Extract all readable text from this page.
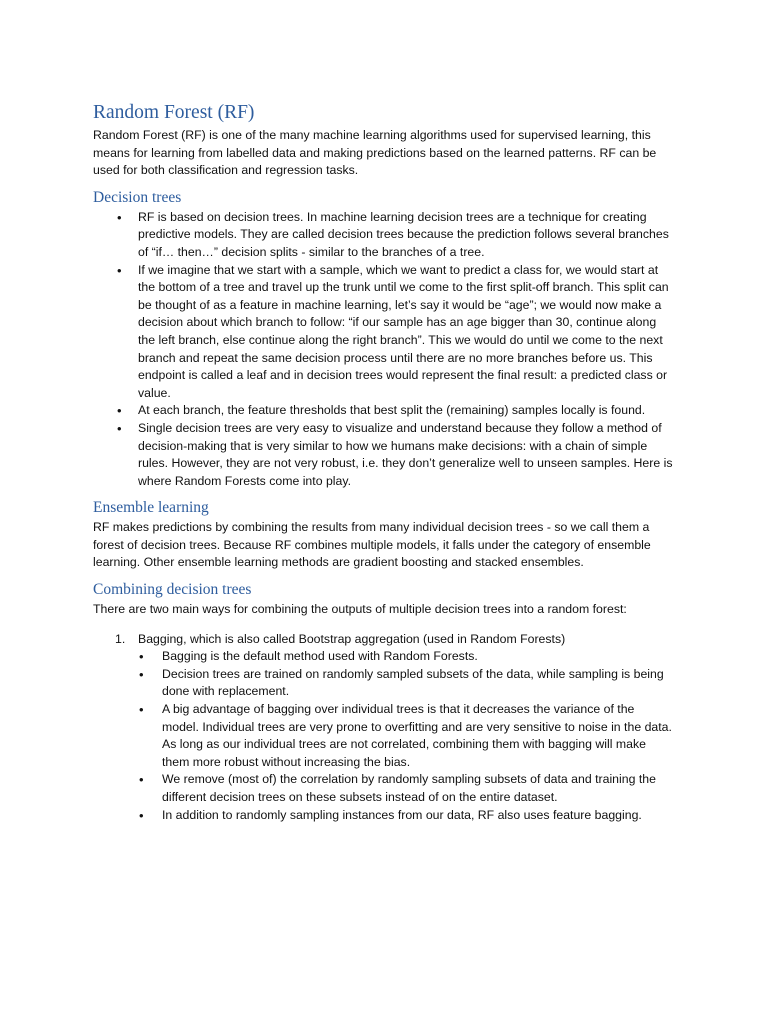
Random Forest (RF)

Random Forest (RF) is one of the many machine learning algorithms used for supervised learning, this means for learning from labelled data and making predictions based on the learned patterns. RF can be used for both classification and regression tasks.

Decision trees
• RF is based on decision trees. In machine learning decision trees are a technique for creating predictive models. They are called decision trees because the prediction follows several branches of “if… then…” decision splits - similar to the branches of a tree.
• If we imagine that we start with a sample, which we want to predict a class for, we would start at the bottom of a tree and travel up the trunk until we come to the first split-off branch. This split can be thought of as a feature in machine learning, let’s say it would be “age”; we would now make a decision about which branch to follow: “if our sample has an age bigger than 30, continue along the left branch, else continue along the right branch”. This we would do until we come to the next branch and repeat the same decision process until there are no more branches before us. This endpoint is called a leaf and in decision trees would represent the final result: a predicted class or value.
• At each branch, the feature thresholds that best split the (remaining) samples locally is found.
• Single decision trees are very easy to visualize and understand because they follow a method of decision-making that is very similar to how we humans make decisions: with a chain of simple rules. However, they are not very robust, i.e. they don’t generalize well to unseen samples. Here is where Random Forests come into play.
Ensemble learning

RF makes predictions by combining the results from many individual decision trees - so we call them a forest of decision trees. Because RF combines multiple models, it falls under the category of ensemble learning. Other ensemble learning methods are gradient boosting and stacked ensembles.

Combining decision trees

There are two main ways for combining the outputs of multiple decision trees into a random forest:

1. Bagging, which is also called Bootstrap aggregation (used in Random Forests)
• Bagging is the default method used with Random Forests.
• Decision trees are trained on randomly sampled subsets of the data, while sampling is being done with replacement.
• A big advantage of bagging over individual trees is that it decreases the variance of the model. Individual trees are very prone to overfitting and are very sensitive to noise in the data. As long as our individual trees are not correlated, combining them with bagging will make them more robust without increasing the bias.
• We remove (most of) the correlation by randomly sampling subsets of data and training the different decision trees on these subsets instead of on the entire dataset.
• In addition to randomly sampling instances from our data, RF also uses feature bagging.
